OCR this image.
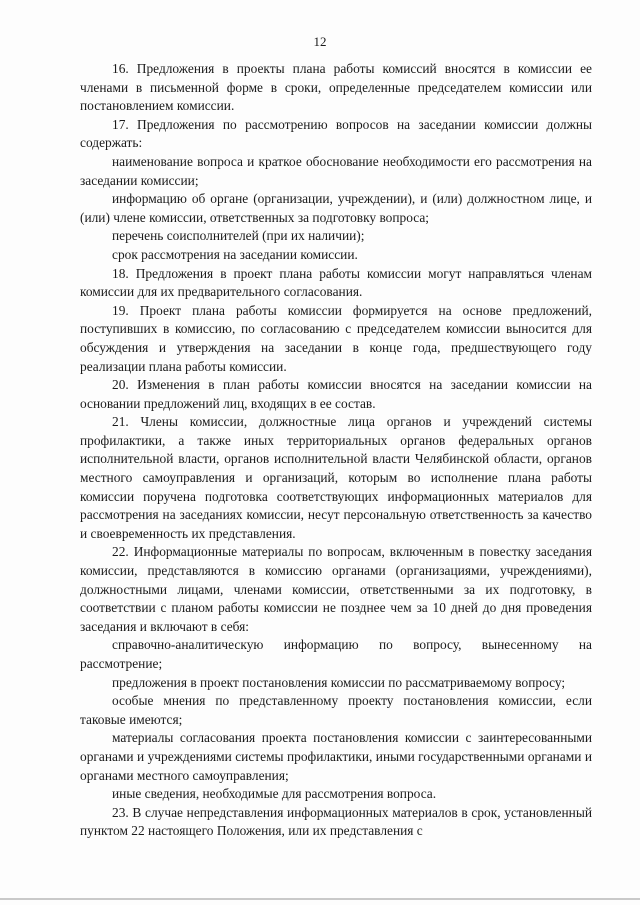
12

16. Предложения в проекты плана работы комиссий вносятся в комиссии ее членами в письменной форме в сроки, определенные председателем комиссии или постановлением комиссии.

17. Предложения по рассмотрению вопросов на заседании комиссии должны содержать:

наименование вопроса и краткое обоснование необходимости его рассмотрения на заседании комиссии;

информацию об органе (организации, учреждении), и (или) должностном лице, и (или) члене комиссии, ответственных за подготовку вопроса;

перечень соисполнителей (при их наличии);

срок рассмотрения на заседании комиссии.

18. Предложения в проект плана работы комиссии могут направляться членам комиссии для их предварительного согласования.

19. Проект плана работы комиссии формируется на основе предложений, поступивших в комиссию, по согласованию с председателем комиссии выносится для обсуждения и утверждения на заседании в конце года, предшествующего году реализации плана работы комиссии.

20. Изменения в план работы комиссии вносятся на заседании комиссии на основании предложений лиц, входящих в ее состав.

21. Члены комиссии, должностные лица органов и учреждений системы профилактики, а также иных территориальных органов федеральных органов исполнительной власти, органов исполнительной власти Челябинской области, органов местного самоуправления и организаций, которым во исполнение плана работы комиссии поручена подготовка соответствующих информационных материалов для рассмотрения на заседаниях комиссии, несут персональную ответственность за качество и своевременность их представления.

22. Информационные материалы по вопросам, включенным в повестку заседания комиссии, представляются в комиссию органами (организациями, учреждениями), должностными лицами, членами комиссии, ответственными за их подготовку, в соответствии с планом работы комиссии не позднее чем за 10 дней до дня проведения заседания и включают в себя:

справочно-аналитическую информацию по вопросу, вынесенному на рассмотрение;

предложения в проект постановления комиссии по рассматриваемому вопросу;

особые мнения по представленному проекту постановления комиссии, если таковые имеются;

материалы согласования проекта постановления комиссии с заинтересованными органами и учреждениями системы профилактики, иными государственными органами и органами местного самоуправления;

иные сведения, необходимые для рассмотрения вопроса.

23. В случае непредставления информационных материалов в срок, установленный пунктом 22 настоящего Положения, или их представления с
